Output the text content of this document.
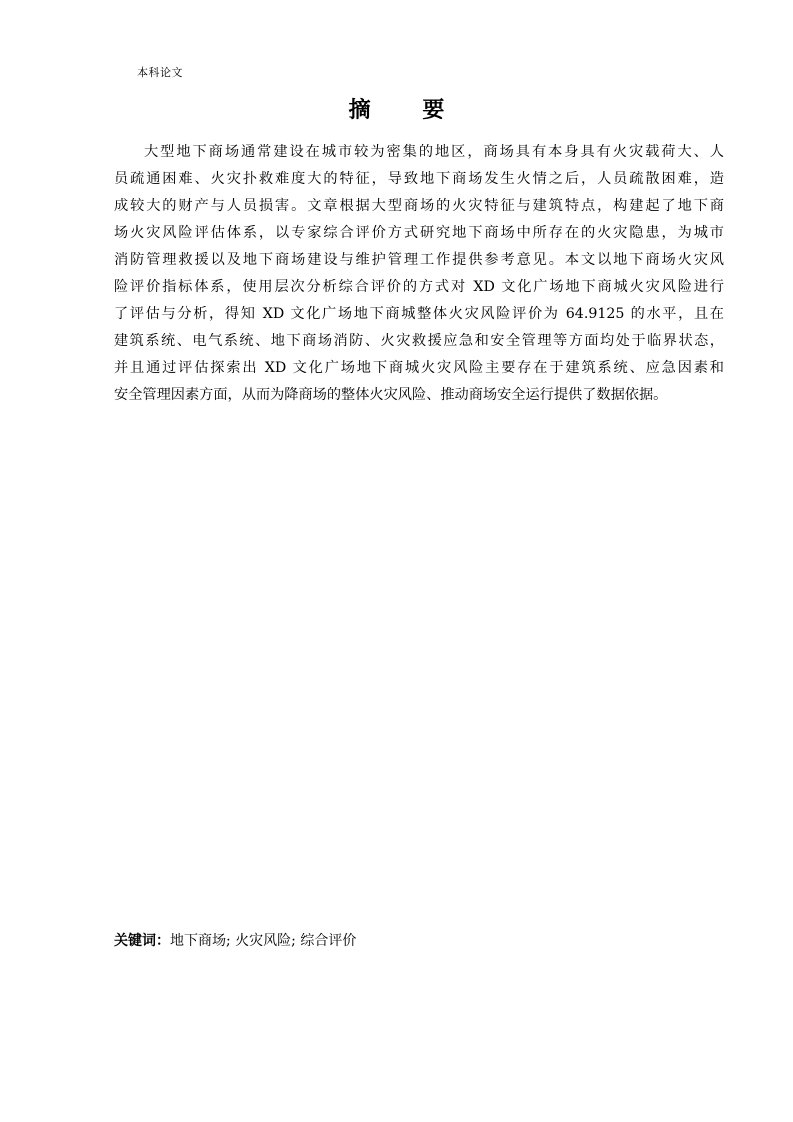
本科论文
摘 要
大型地下商场通常建设在城市较为密集的地区，商场具有本身具有火灾载荷大、人
员疏通困难、火灾扑救难度大的特征，导致地下商场发生火情之后，人员疏散困难，造
成较大的财产与人员损害。文章根据大型商场的火灾特征与建筑特点，构建起了地下商
场火灾风险评估体系，以专家综合评价方式研究地下商场中所存在的火灾隐患，为城市
消防管理救援以及地下商场建设与维护管理工作提供参考意见。本文以地下商场火灾风
险评价指标体系，使用层次分析综合评价的方式对 XD 文化广场地下商城火灾风险进行
了评估与分析，得知 XD 文化广场地下商城整体火灾风险评价为 64.9125 的水平，且在
建筑系统、电气系统、地下商场消防、火灾救援应急和安全管理等方面均处于临界状态，
并且通过评估探索出 XD 文化广场地下商城火灾风险主要存在于建筑系统、应急因素和
安全管理因素方面，从而为降商场的整体火灾风险、推动商场安全运行提供了数据依据。
关键词：地下商场; 火灾风险; 综合评价
